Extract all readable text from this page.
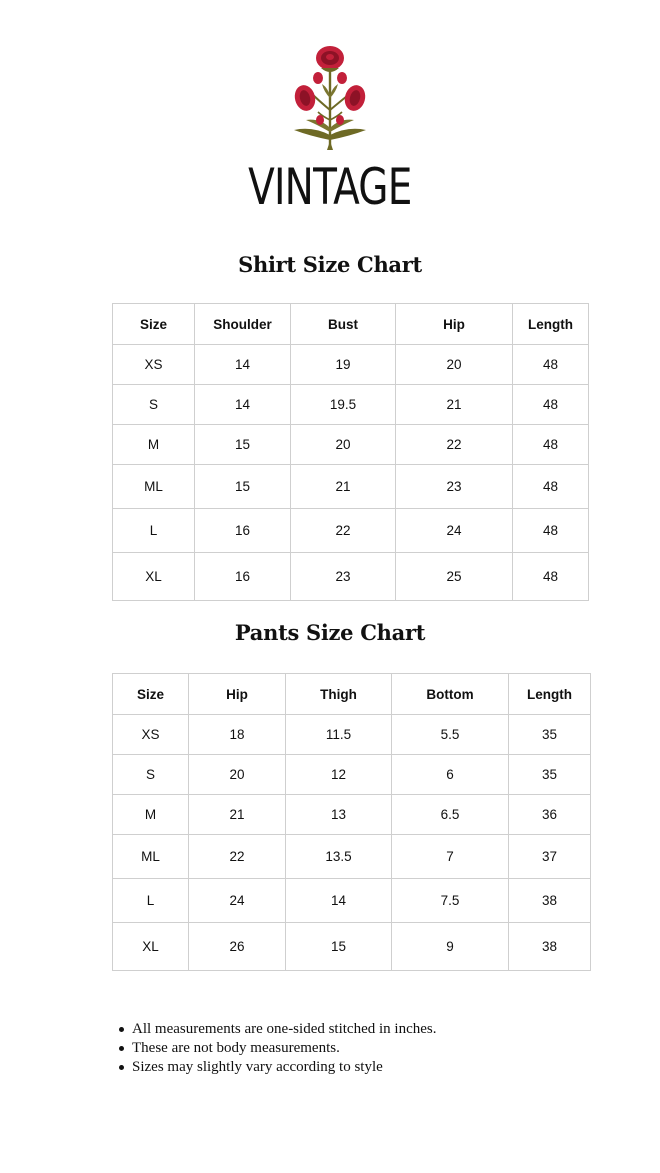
VINTAGE
Shirt Size Chart
Size	Shoulder	Bust	Hip	Length
XS	14	19	20	48
S	14	19.5	21	48
M	15	20	22	48
ML	15	21	23	48
L	16	22	24	48
XL	16	23	25	48
Pants Size Chart
Size	Hip	Thigh	Bottom	Length
XS	18	11.5	5.5	35
S	20	12	6	35
M	21	13	6.5	36
ML	22	13.5	7	37
L	24	14	7.5	38
XL	26	15	9	38
All measurements are one-sided stitched in inches.
These are not body measurements.
Sizes may slightly vary according to style
